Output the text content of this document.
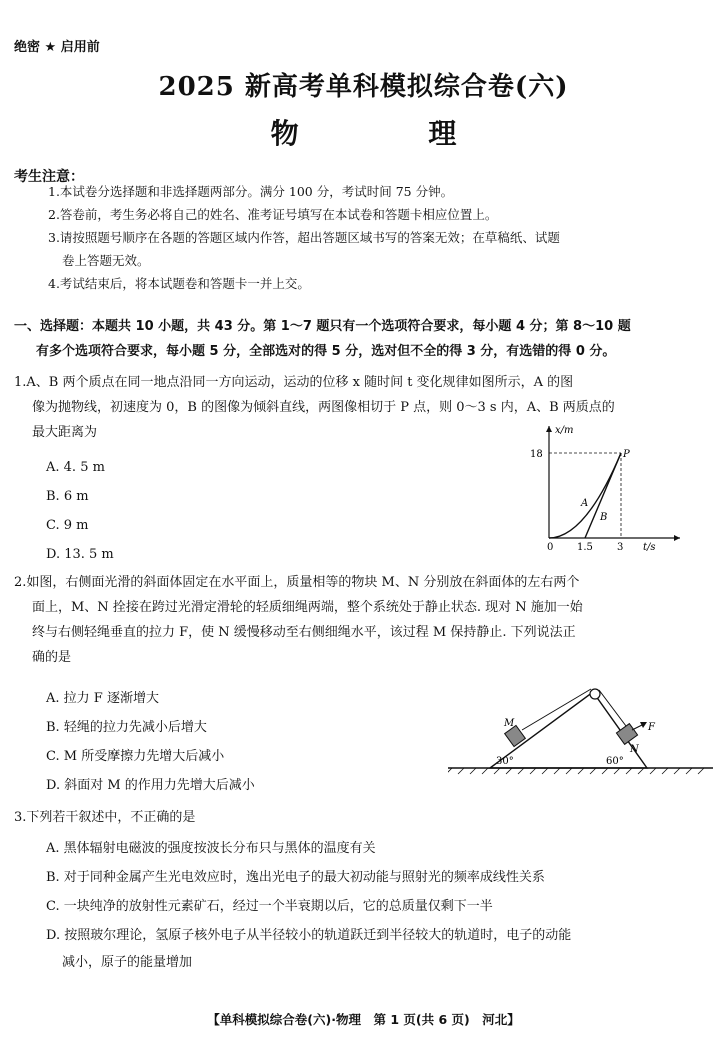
绝密 ★ 启用前
2025 新高考单科模拟综合卷(六)
物 理
考生注意：
1.本试卷分选择题和非选择题两部分。满分 100 分，考试时间 75 分钟。
2.答卷前，考生务必将自己的姓名、准考证号填写在本试卷和答题卡相应位置上。
3.请按照题号顺序在各题的答题区域内作答，超出答题区域书写的答案无效；在草稿纸、试题
卷上答题无效。
4.考试结束后，将本试题卷和答题卡一并上交。
一、选择题：本题共 10 小题，共 43 分。第 1～7 题只有一个选项符合要求，每小题 4 分；第 8～10 题
有多个选项符合要求，每小题 5 分，全部选对的得 5 分，选对但不全的得 3 分，有选错的得 0 分。
1.A、B 两个质点在同一地点沿同一方向运动，运动的位移 x 随时间 t 变化规律如图所示，A 的图
像为抛物线，初速度为 0，B 的图像为倾斜直线，两图像相切于 P 点，则 0～3 s 内，A、B 两质点的
最大距离为
A. 4. 5 m
B. 6 m
C. 9 m
D. 13. 5 m
x/m
18	P
A
B
0 1.5 3 t/s
2.如图，右侧面光滑的斜面体固定在水平面上，质量相等的物块 M、N 分别放在斜面体的左右两个
面上，M、N 拴接在跨过光滑定滑轮的轻质细绳两端，整个系统处于静止状态. 现对 N 施加一始
终与右侧轻绳垂直的拉力 F，使 N 缓慢移动至右侧细绳水平，该过程 M 保持静止. 下列说法正
确的是
A. 拉力 F 逐渐增大
B. 轻绳的拉力先减小后增大
C. M 所受摩擦力先增大后减小
D. 斜面对 M 的作用力先增大后减小
M
N
F
30°	60°
3.下列若干叙述中，不正确的是
A. 黑体辐射电磁波的强度按波长分布只与黑体的温度有关
B. 对于同种金属产生光电效应时，逸出光电子的最大初动能与照射光的频率成线性关系
C. 一块纯净的放射性元素矿石，经过一个半衰期以后，它的总质量仅剩下一半
D. 按照玻尔理论，氢原子核外电子从半径较小的轨道跃迁到半径较大的轨道时，电子的动能
减小，原子的能量增加
【单科模拟综合卷(六)·物理　第 1 页(共 6 页)　河北】
